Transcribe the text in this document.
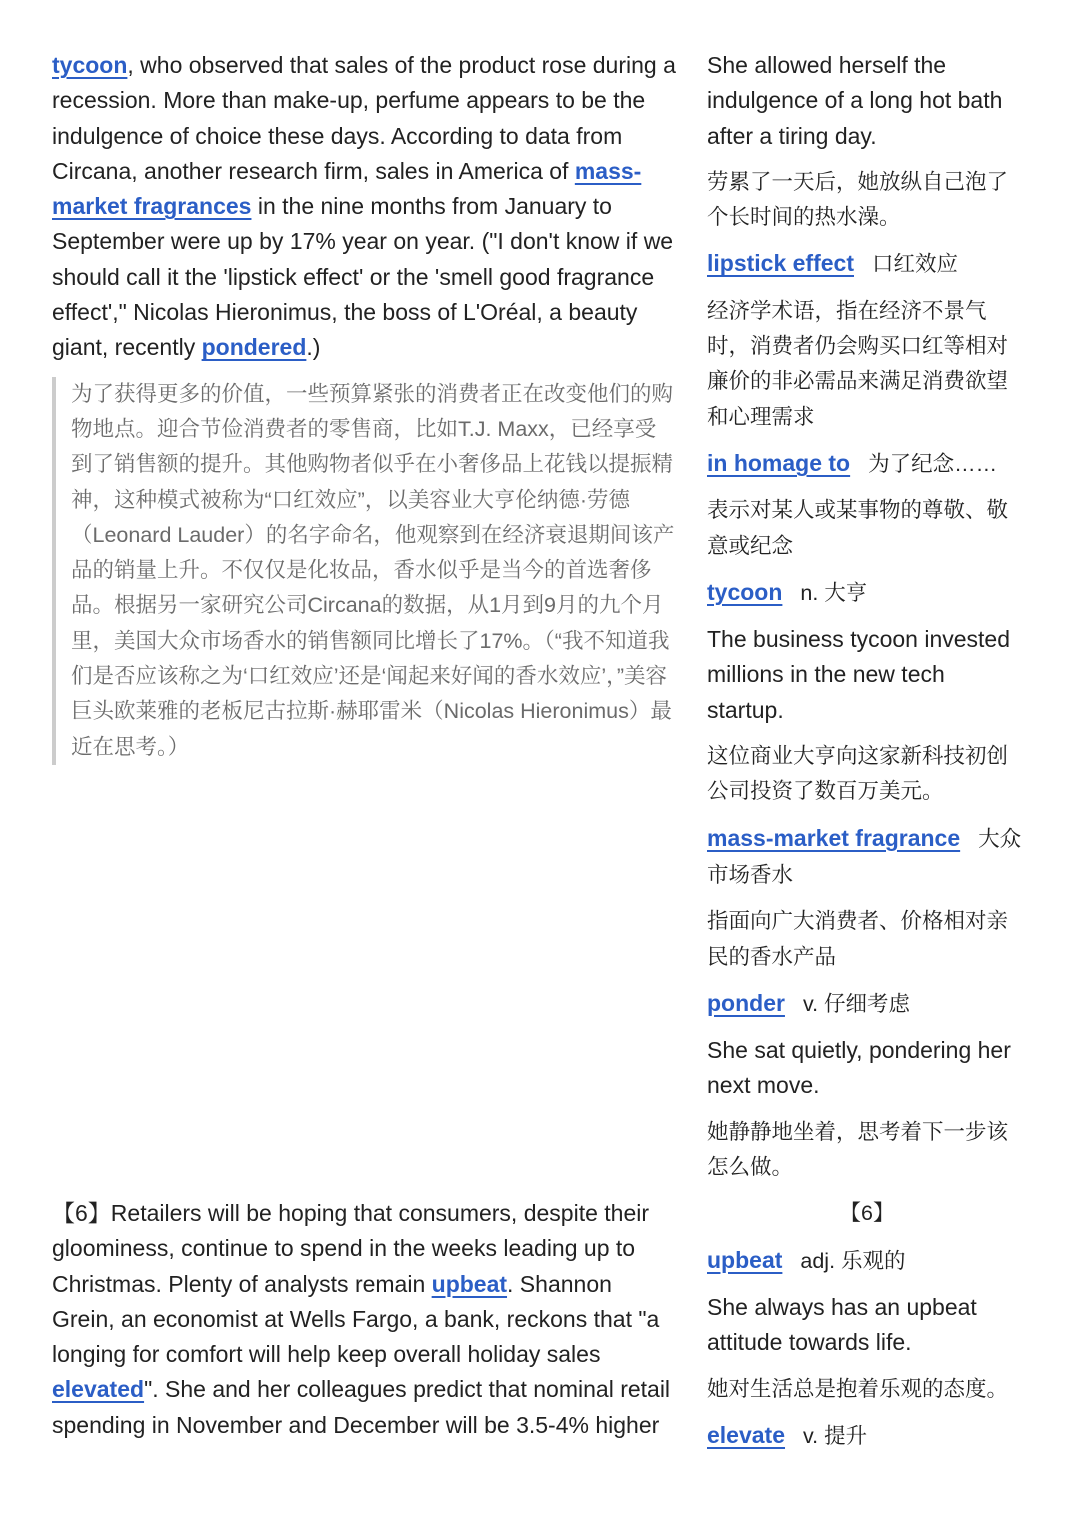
tycoon, who observed that sales of the product rose during a recession. More than make-up, perfume appears to be the indulgence of choice these days. According to data from Circana, another research firm, sales in America of mass-market fragrances in the nine months from January to September were up by 17% year on year. ("I don't know if we should call it the 'lipstick effect' or the 'smell good fragrance effect'," Nicolas Hieronimus, the boss of L'Oréal, a beauty giant, recently pondered.)

为了获得更多的价值，一些预算紧张的消费者正在改变他们的购物地点。迎合节俭消费者的零售商，比如T.J. Maxx，已经享受到了销售额的提升。其他购物者似乎在小奢侈品上花钱以提振精神，这种模式被称为“口红效应”，以美容业大亨伦纳德·劳德（Leonard Lauder）的名字命名，他观察到在经济衰退期间该产品的销量上升。不仅仅是化妆品，香水似乎是当今的首选奢侈品。根据另一家研究公司Circana的数据，从1月到9月的九个月里，美国大众市场香水的销售额同比增长了17%。（“我不知道我们是否应该称之为‘口红效应’还是‘闻起来好闻的香水效应’，”美容巨头欧莱雅的老板尼古拉斯·赫耶雷米（Nicolas Hieronimus）最近在思考。）

【6】Retailers will be hoping that consumers, despite their gloominess, continue to spend in the weeks leading up to Christmas. Plenty of analysts remain upbeat. Shannon Grein, an economist at Wells Fargo, a bank, reckons that "a longing for comfort will help keep overall holiday sales elevated". She and her colleagues predict that nominal retail spending in November and December will be 3.5-4% higher

She allowed herself the indulgence of a long hot bath after a tiring day.

劳累了一天后，她放纵自己泡了个长时间的热水澡。

lipstick effect 口红效应

经济学术语，指在经济不景气时，消费者仍会购买口红等相对廉价的非必需品来满足消费欲望和心理需求

in homage to 为了纪念……

表示对某人或某事物的尊敬、敬意或纪念

tycoon n. 大亨

The business tycoon invested millions in the new tech startup.

这位商业大亨向这家新科技初创公司投资了数百万美元。

mass-market fragrance 大众市场香水

指面向广大消费者、价格相对亲民的香水产品

ponder v. 仔细考虑

She sat quietly, pondering her next move.

她静静地坐着，思考着下一步该怎么做。

【6】

upbeat adj. 乐观的

She always has an upbeat attitude towards life.

她对生活总是抱着乐观的态度。

elevate v. 提升
